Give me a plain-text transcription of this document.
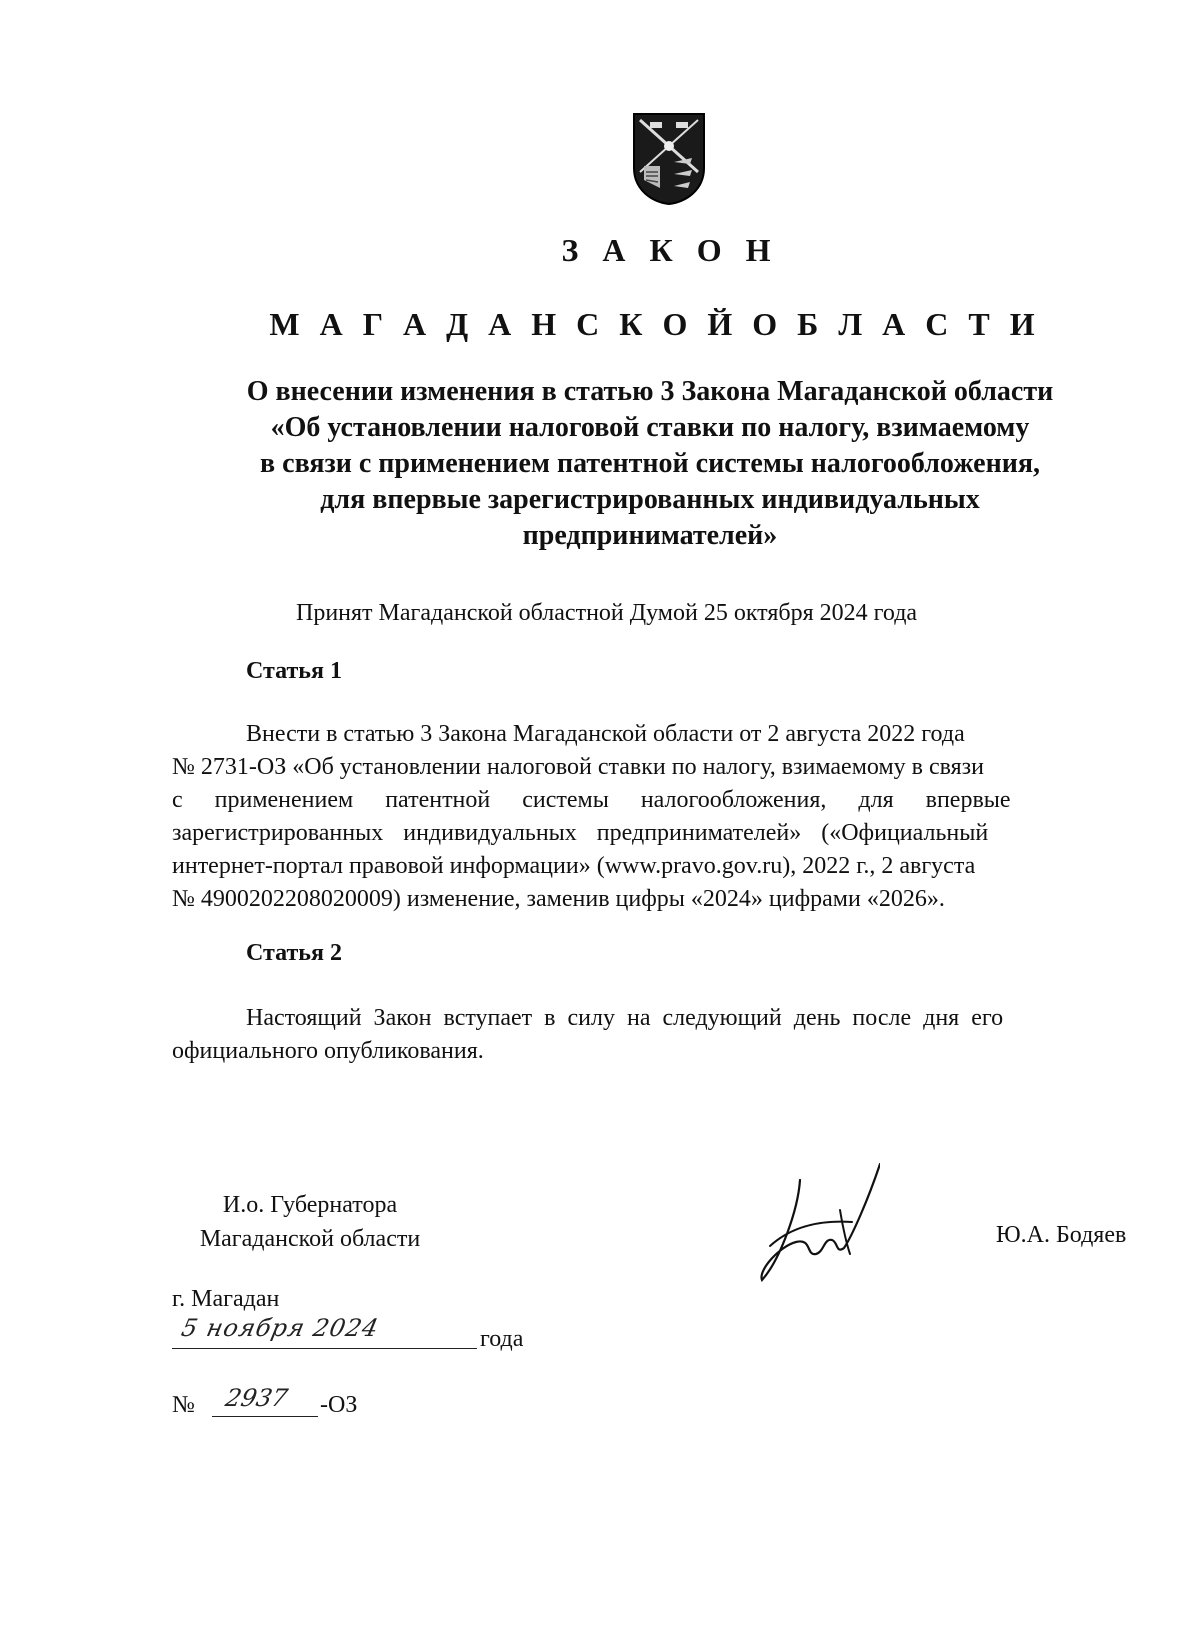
З А К О Н
М А Г А Д А Н С К О Й О Б Л А С Т И
О внесении изменения в статью 3 Закона Магаданской области
«Об установлении налоговой ставки по налогу, взимаемому
в связи с применением патентной системы налогообложения,
для впервые зарегистрированных индивидуальных
предпринимателей»
Принят Магаданской областной Думой 25 октября 2024 года
Статья 1
Внести в статью 3 Закона Магаданской области от 2 августа 2022 года
№ 2731-ОЗ «Об установлении налоговой ставки по налогу, взимаемому в связи
с применением патентной системы налогообложения, для впервые
зарегистрированных индивидуальных предпринимателей» («Официальный
интернет-портал правовой информации» (www.pravo.gov.ru), 2022 г., 2 августа
№ 4900202208020009) изменение, заменив цифры «2024» цифрами «2026».
Статья 2
Настоящий Закон вступает в силу на следующий день после дня его
официального опубликования.
И.о. Губернатора
Магаданской области	Ю.А. Бодяев
г. Магадан
5 ноября 2024	года
№ 2937 -ОЗ
